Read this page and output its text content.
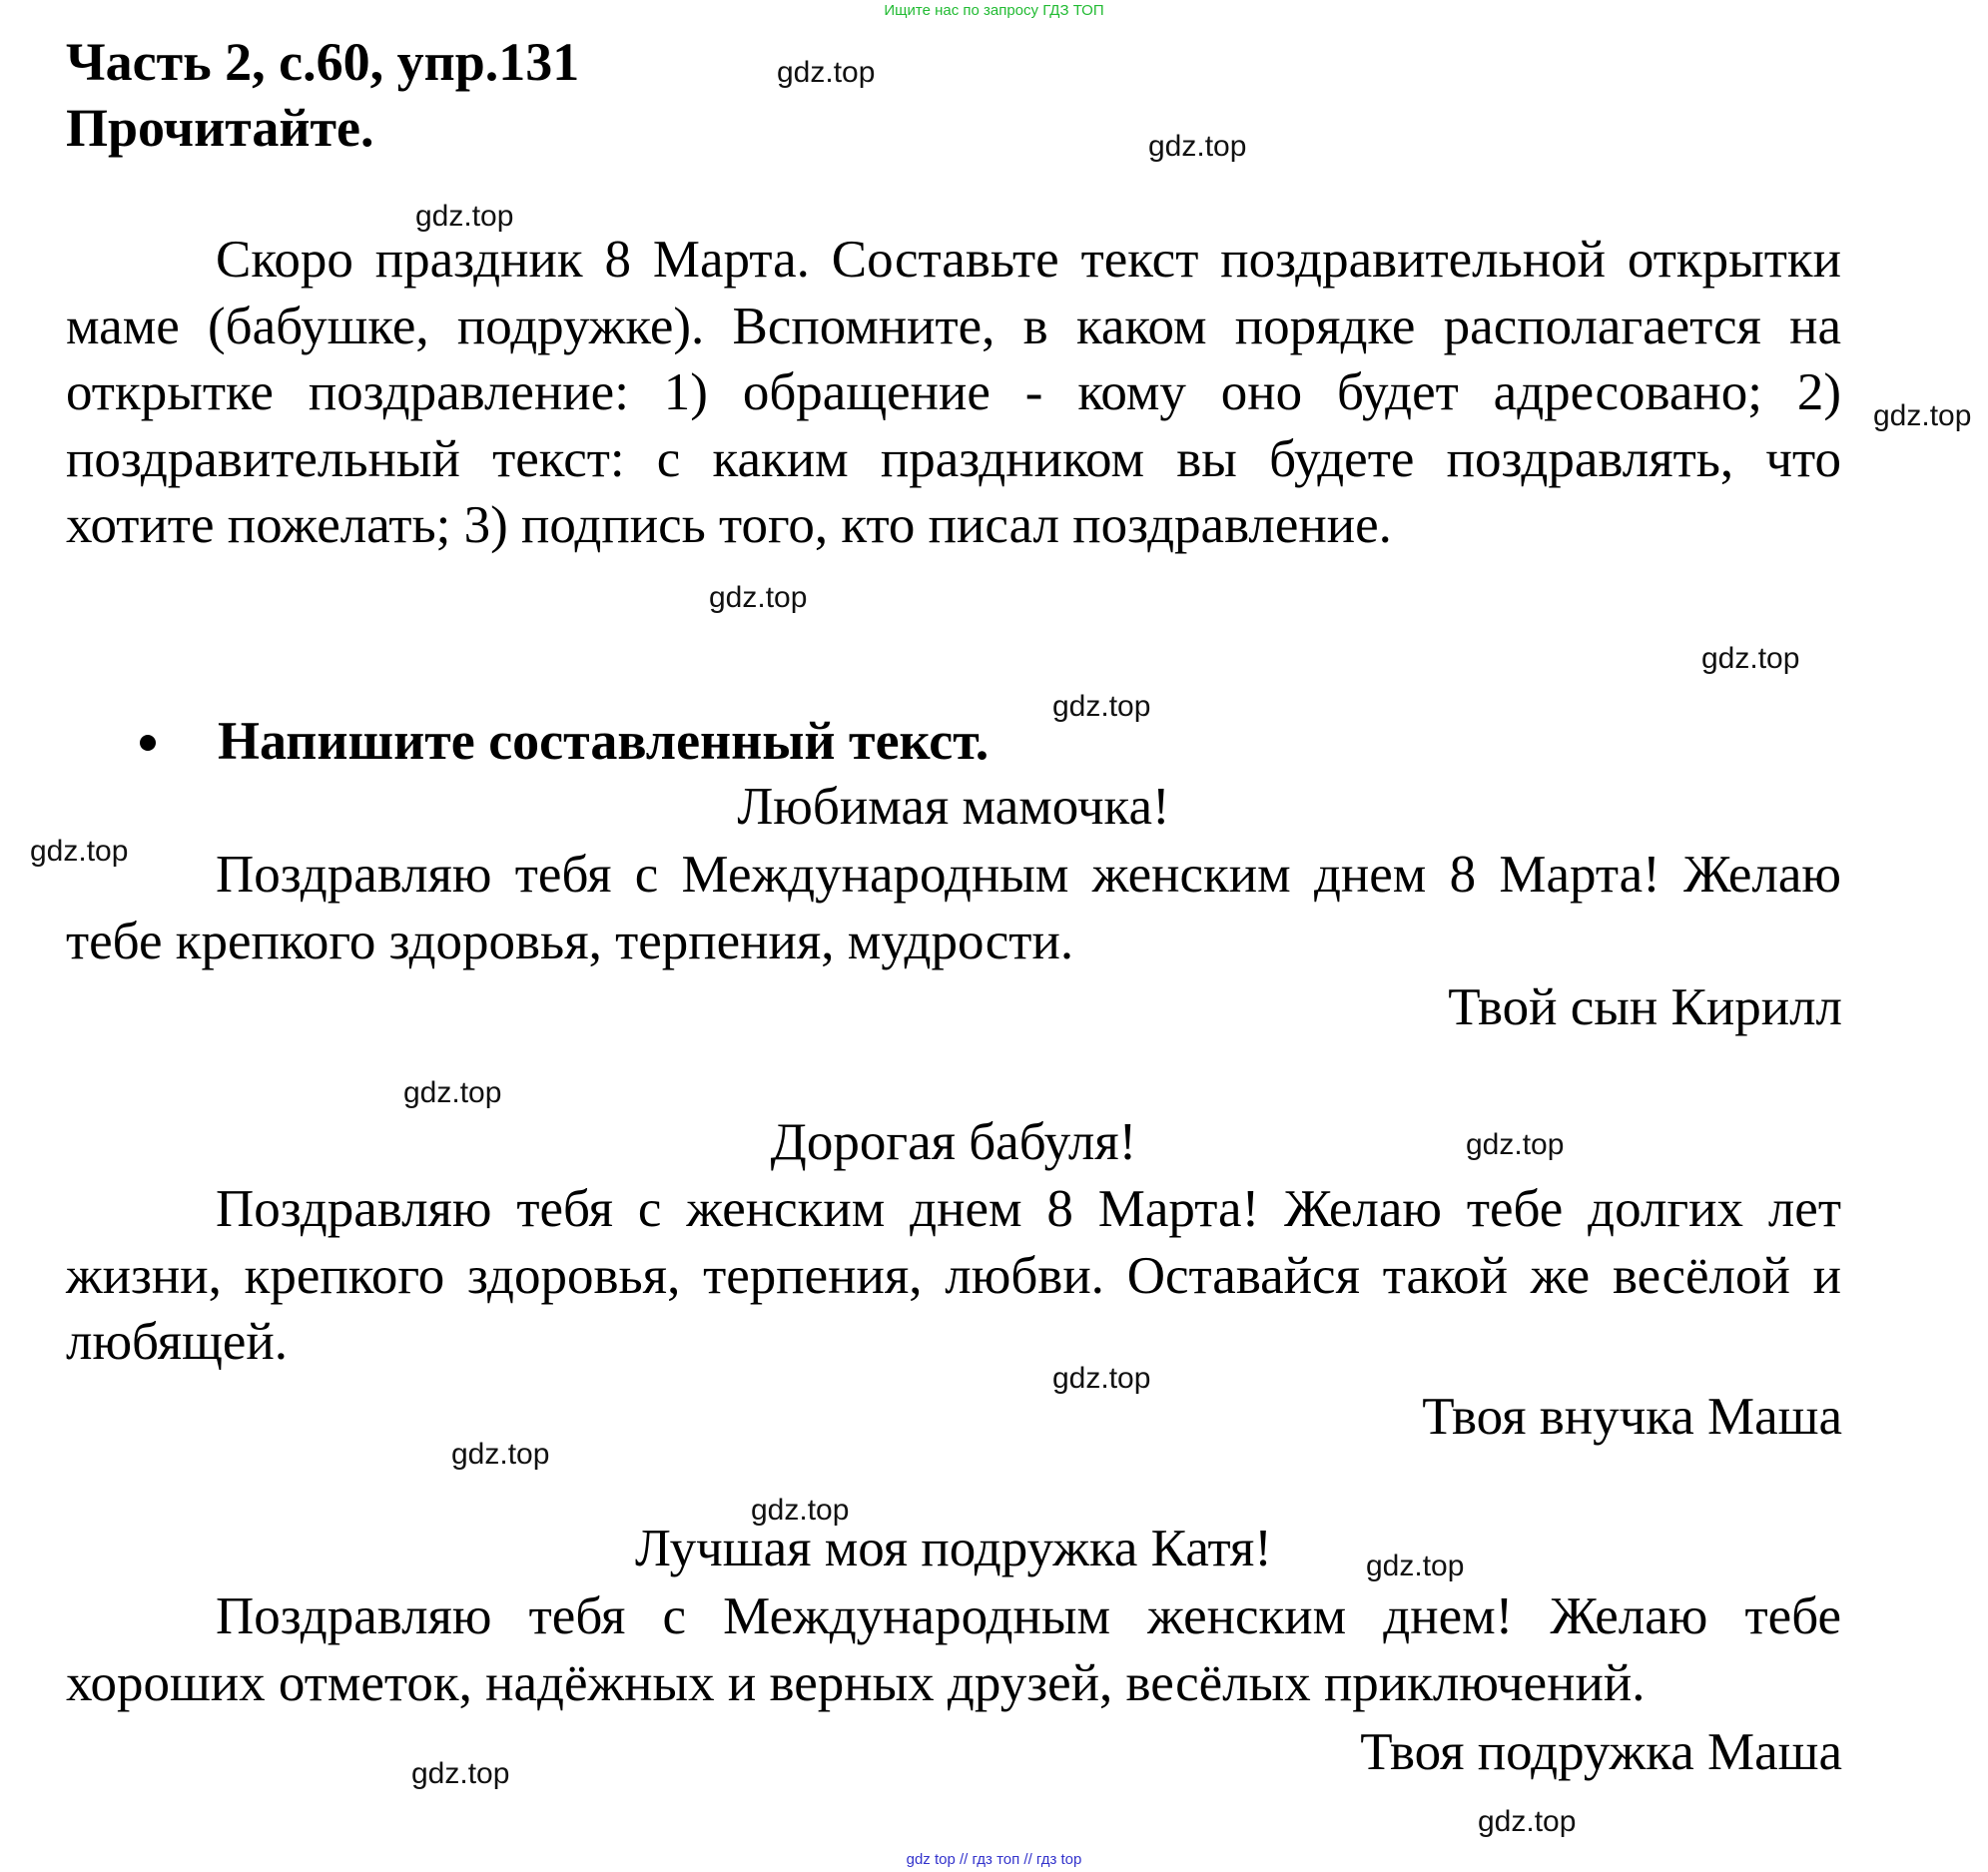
Ищите нас по запросу ГДЗ ТОП
Часть 2, с.60, упр.131
Прочитайте.
Скоро праздник 8 Марта. Составьте текст поздравительной открытки маме (бабушке, подружке). Вспомните, в каком порядке располагается на открытке поздравление: 1) обращение - кому оно будет адресовано; 2) поздравительный текст: с каким праздником вы будете поздравлять, что хотите пожелать; 3) подпись того, кто писал поздравление.
Напишите составленный текст.
Любимая мамочка!
Поздравляю тебя с Международным женским днем 8 Марта! Желаю тебе крепкого здоровья, терпения, мудрости.
Твой сын Кирилл
Дорогая бабуля!
Поздравляю тебя с женским днем 8 Марта! Желаю тебе долгих лет жизни, крепкого здоровья, терпения, любви. Оставайся такой же весёлой и любящей.
Твоя внучка Маша
Лучшая моя подружка Катя!
Поздравляю тебя с Международным женским днем! Желаю тебе хороших отметок, надёжных и верных друзей, весёлых приключений.
Твоя подружка Маша
gdz.top
gdz.top
gdz.top
gdz.top
gdz.top
gdz.top
gdz.top
gdz.top
gdz.top
gdz.top
gdz.top
gdz.top
gdz.top
gdz.top
gdz.top
gdz.top
gdz top // гдз топ // гдз top
